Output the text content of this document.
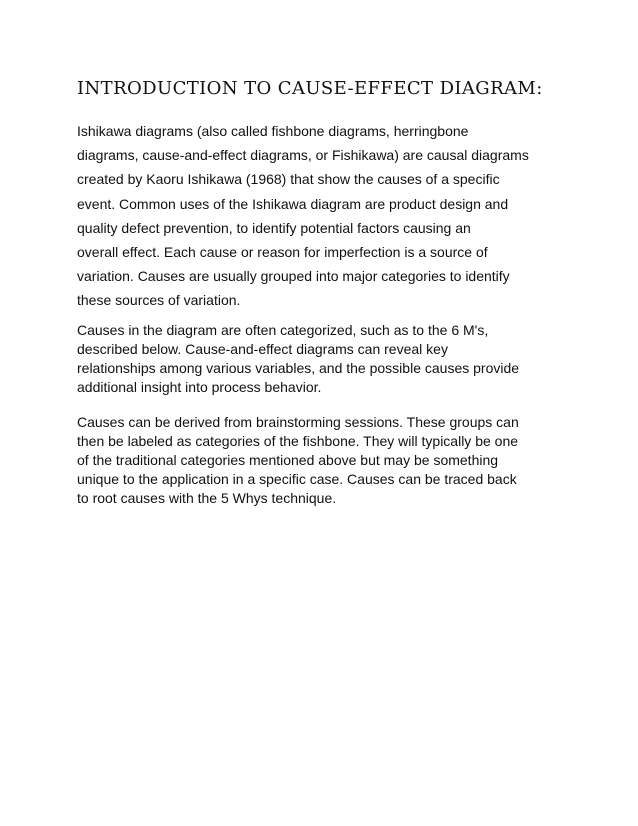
INTRODUCTION TO CAUSE-EFFECT DIAGRAM:

Ishikawa diagrams (also called fishbone diagrams, herringbone
diagrams, cause-and-effect diagrams, or Fishikawa) are causal diagrams
created by Kaoru Ishikawa (1968) that show the causes of a specific
event. Common uses of the Ishikawa diagram are product design and
quality defect prevention, to identify potential factors causing an
overall effect. Each cause or reason for imperfection is a source of
variation. Causes are usually grouped into major categories to identify
these sources of variation.

Causes in the diagram are often categorized, such as to the 6 M's,
described below. Cause-and-effect diagrams can reveal key
relationships among various variables, and the possible causes provide
additional insight into process behavior.

Causes can be derived from brainstorming sessions. These groups can
then be labeled as categories of the fishbone. They will typically be one
of the traditional categories mentioned above but may be something
unique to the application in a specific case. Causes can be traced back
to root causes with the 5 Whys technique.
